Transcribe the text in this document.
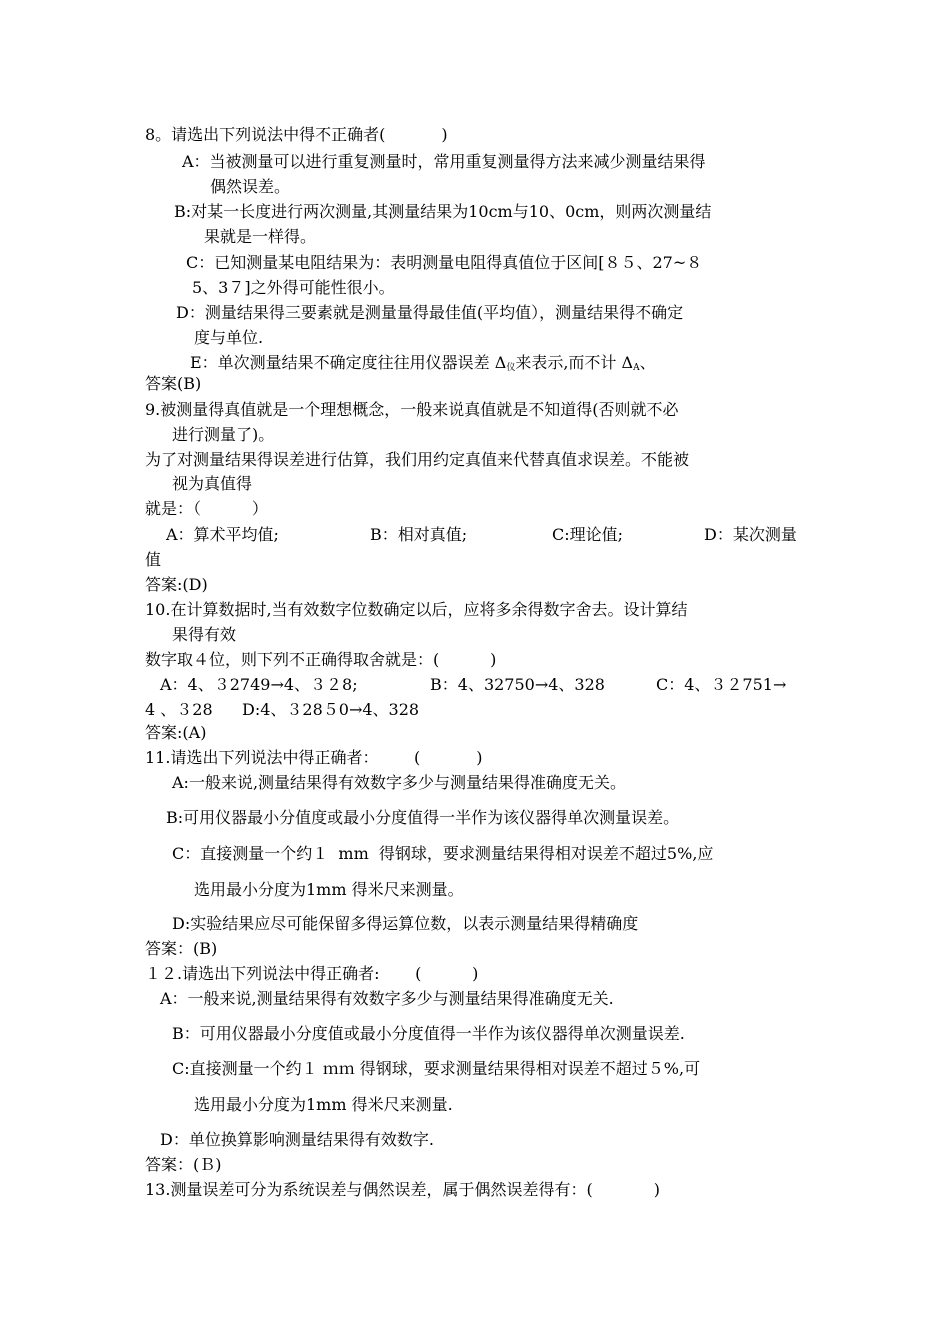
8。请选出下列说法中得不正确者(           )
A：当被测量可以进行重复测量时，常用重复测量得方法来减少测量结果得
偶然误差。
B:对某一长度进行两次测量,其测量结果为10cm与10、0cm，则两次测量结
果就是一样得。
C：已知测量某电阻结果为：表明测量电阻得真值位于区间[８５、27~８
5、3７]之外得可能性很小。
D：测量结果得三要素就是测量量得最佳值(平均值），测量结果得不确定
度与单位.
E：单次测量结果不确定度往往用仪器误差 $\Delta_仪$来表示,而不计 $\Delta_A$、
答案(B)
9.被测量得真值就是一个理想概念，一般来说真值就是不知道得(否则就不必
进行测量了)。
为了对测量结果得误差进行估算，我们用约定真值来代替真值求误差。不能被
视为真值得
就是：（          ）
A：算术平均值;	B：相对真值;	C:理论值;	D：某次测量
值
答案:(D)
10.在计算数据时,当有效数字位数确定以后，应将多余得数字舍去。设计算结
果得有效
数字取４位，则下列不正确得取舍就是：(          )
A：4、３2749→4、３２8;	B：4、32750→4、328	C：4、３２751→
4 、３28 D:4、３28５0→4、328
答案:(A)
11.请选出下列说法中得正确者：       (           )
A:一般来说,测量结果得有效数字多少与测量结果得准确度无关。
B:可用仪器最小分值度或最小分度值得一半作为该仪器得单次测量误差。
C：直接测量一个约１  mm  得钢球，要求测量结果得相对误差不超过5%,应
选用最小分度为1mm 得米尺来测量。
D:实验结果应尽可能保留多得运算位数，以表示测量结果得精确度
答案：(B)
１２.请选出下列说法中得正确者:       (          )
A：一般来说,测量结果得有效数字多少与测量结果得准确度无关.
B：可用仪器最小分度值或最小分度值得一半作为该仪器得单次测量误差.
C:直接测量一个约１ ｍｍ 得钢球，要求测量结果得相对误差不超过５%,可
选用最小分度为1mm 得米尺来测量.
D：单位换算影响测量结果得有效数字.
答案：(Ｂ)
13.测量误差可分为系统误差与偶然误差，属于偶然误差得有：(            )
